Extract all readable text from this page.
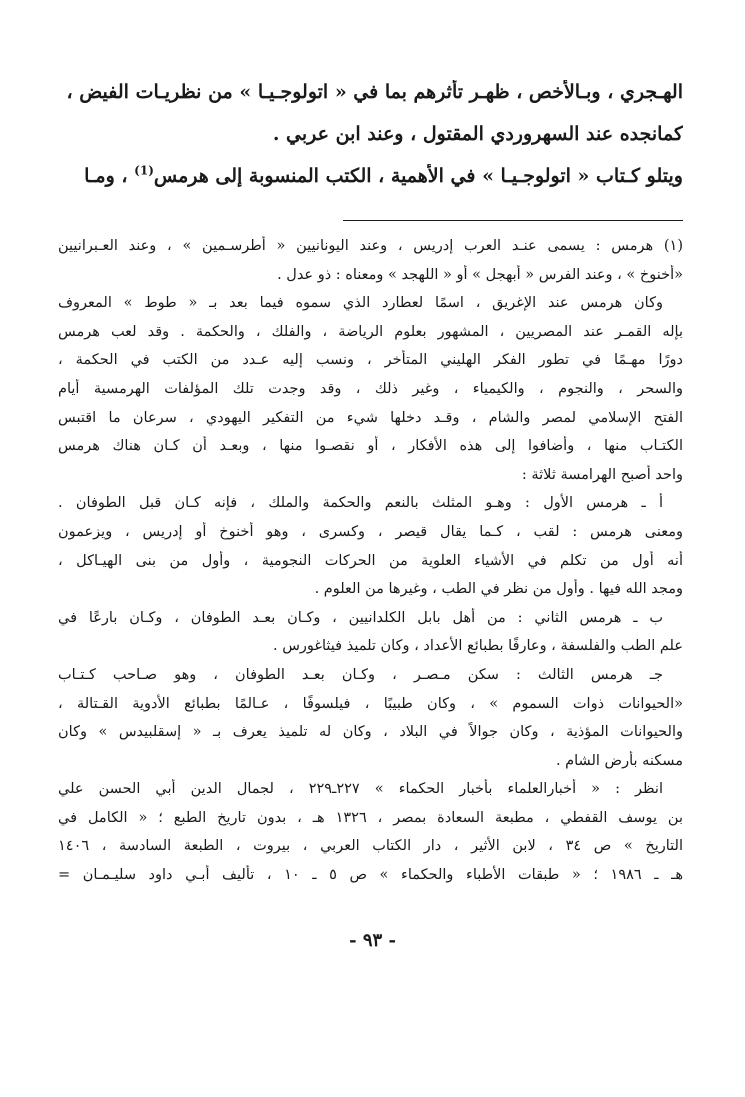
الهـجري ، وبـالأخص ، ظهـر تأثرهم بما في « اتولوجـيـا » من نظريـات الفيض ،
كمانجده عند السهروردي المقتول ، وعند ابن عربي .
ويتلو كـتاب « اتولوجـيـا » في الأهمية ، الكتب المنسوبة إلى هرمس$^{(1)}$ ، ومـا
(١) هرمس : يسمى عنـد العرب إدريس ، وعند اليونانيين « أطرسـمين » ، وعند العـبرانيين
«أخنوخ » ، وعند الفرس « أبهجل » أو « اللهجد » ومعناه : ذو عدل .
وكان هرمس عند الإغريق ، اسمًا لعطارد الذي سموه فيما بعد بـ « طوط » المعروف
بإله القمـر عند المصريين ، المشهور بعلوم الرياضة ، والفلك ، والحكمة . وقد لعب هرمس
دورًا مهـمًا في تطور الفكر الهليني المتأخر ، ونسب إليه عـدد من الكتب في الحكمة ،
والسحر ، والنجوم ، والكيمياء ، وغير ذلك ، وقد وجدت تلك المؤلفات الهرمسية أيام
الفتح الإسلامي لمصر والشام ، وقـد دخلها شيء من التفكير اليهودي ، سرعان ما اقتبس
الكتـاب منها ، وأضافوا إلى هذه الأفكار ، أو نقصـوا منها ، وبعـد أن كـان هناك هرمس
واحد أصبح الهرامسة ثلاثة :
أ ـ هرمس الأول : وهـو المثلث بالنعم والحكمة والملك ، فإنه كـان قبل الطوفان .
ومعنى هرمس : لقب ، كـما يقال قيصر ، وكسرى ، وهو أخنوخ أو إدريس ، ويزعمون
أنه أول من تكلم في الأشياء العلوية من الحركات النجومية ، وأول من بنى الهيـاكل ،
ومجد الله فيها . وأول من نظر في الطب ، وغيرها من العلوم .
ب ـ هرمس الثاني : من أهل بابل الكلدانيين ، وكـان بعـد الطوفان ، وكـان بارعًا في
علم الطب والفلسفة ، وعارفًا بطبائع الأعداد ، وكان تلميذ فيثاغورس .
جـ هرمس الثالث : سكن مـصـر ، وكـان بعـد الطوفان ، وهو صـاحب كـتـاب
«الحيوانات ذوات السموم » ، وكان طبيبًا ، فيلسوفًا ، عـالمًا بطبائع الأدوية القـتالة ،
والحيوانات المؤذية ، وكان جوالاً في البلاد ، وكان له تلميذ يعرف بـ « إسقلبيدس » وكان
مسكنه بأرض الشام .
انظر : « أخبارالعلماء بأخبار الحكماء » ٢٢٧ـ٢٢٩ ، لجمال الدين أبي الحسن علي
بن يوسف القفطي ، مطبعة السعادة بمصر ، ١٣٢٦ هـ ، بدون تاريخ الطبع ؛ « الكامل في
التاريخ » ص ٣٤ ، لابن الأثير ، دار الكتاب العربي ، بيروت ، الطبعة السادسة ، ١٤٠٦
هـ ـ ١٩٨٦ ؛ « طبقات الأطباء والحكماء » ص ٥ ـ ١٠ ، تأليف أبـي داود سليـمـان =
- ٩٣ -
